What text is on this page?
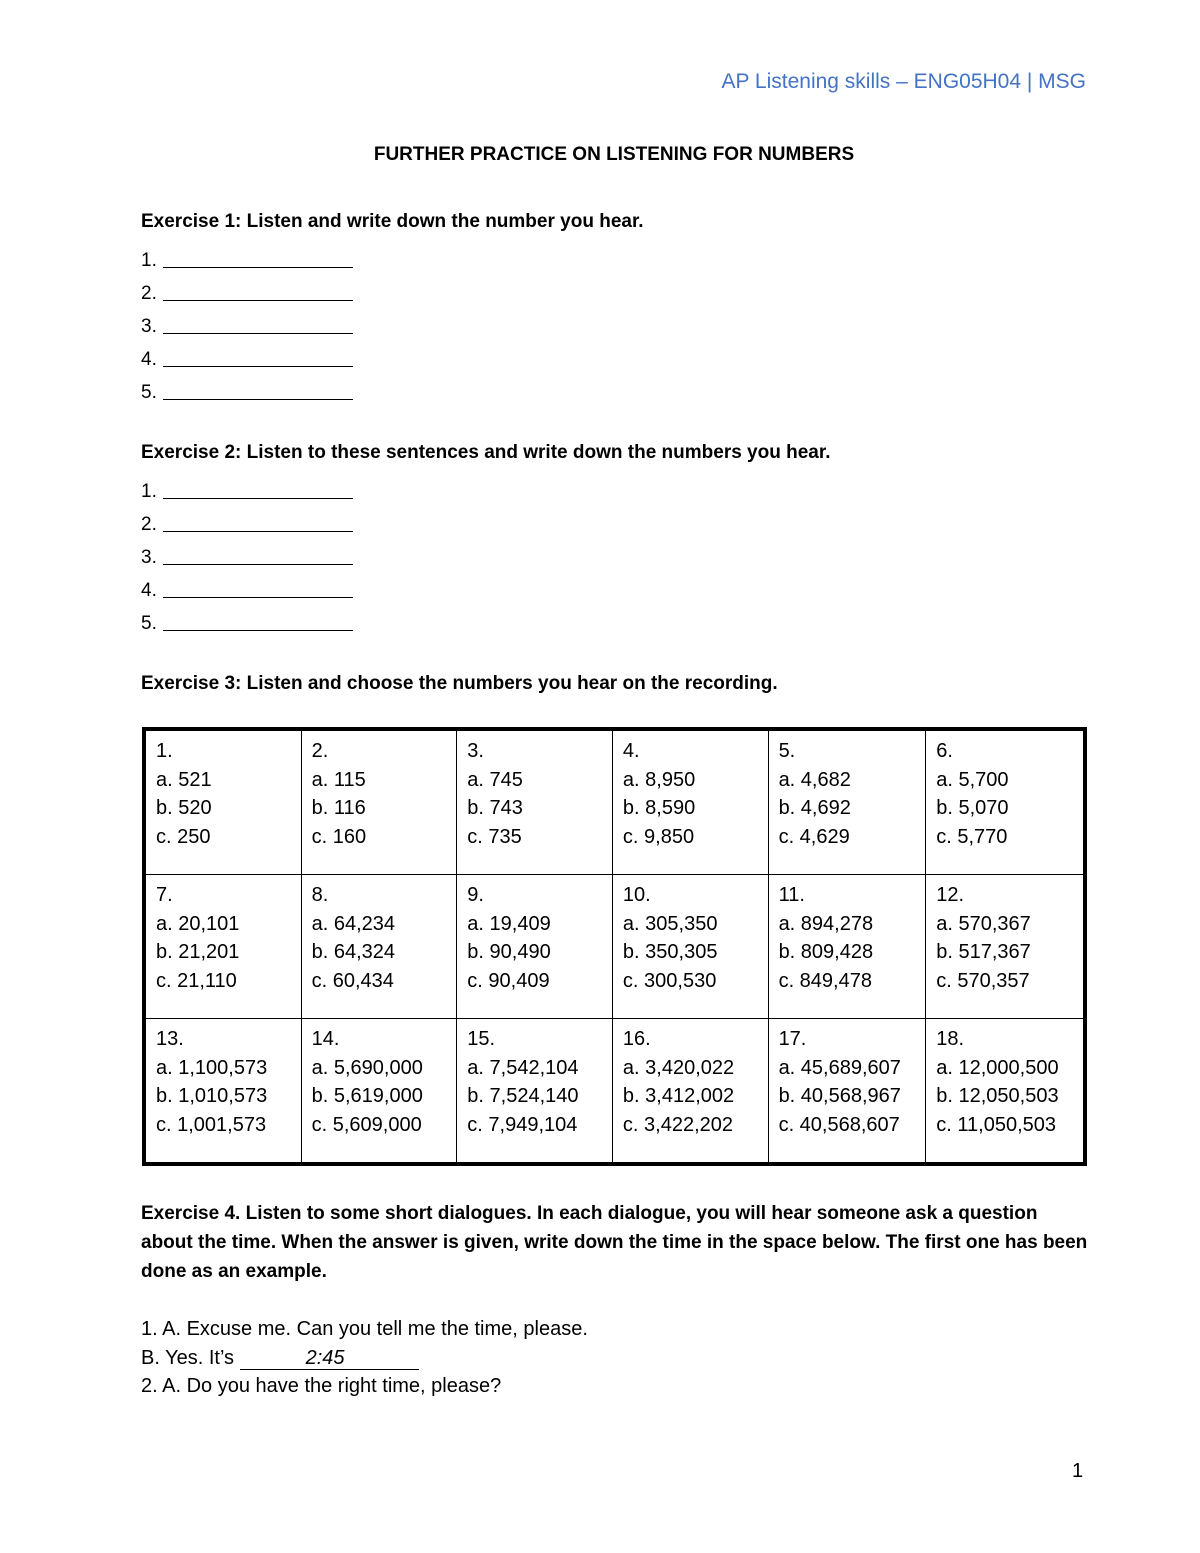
AP Listening skills – ENG05H04 | MSG
FURTHER PRACTICE ON LISTENING FOR NUMBERS
Exercise 1: Listen and write down the number you hear.
1.
2.
3.
4.
5.
Exercise 2: Listen to these sentences and write down the numbers you hear.
1.
2.
3.
4.
5.
Exercise 3: Listen and choose the numbers you hear on the recording.
1.
a. 521
b. 520
c. 250	2.
a. 115
b. 116
c. 160	3.
a. 745
b. 743
c. 735	4.
a. 8,950
b. 8,590
c. 9,850	5.
a. 4,682
b. 4,692
c. 4,629	6.
a. 5,700
b. 5,070
c. 5,770

7.
a. 20,101
b. 21,201
c. 21,110	8.
a. 64,234
b. 64,324
c. 60,434	9.
a. 19,409
b. 90,490
c. 90,409	10.
a. 305,350
b. 350,305
c. 300,530	11.
a. 894,278
b. 809,428
c. 849,478	12.
a. 570,367
b. 517,367
c. 570,357

13.
a. 1,100,573
b. 1,010,573
c. 1,001,573	14.
a. 5,690,000
b. 5,619,000
c. 5,609,000	15.
a. 7,542,104
b. 7,524,140
c. 7,949,104	16.
a. 3,420,022
b. 3,412,002
c. 3,422,202	17.
a. 45,689,607
b. 40,568,967
c. 40,568,607	18.
a. 12,000,500
b. 12,050,503
c. 11,050,503
Exercise 4. Listen to some short dialogues. In each dialogue, you will hear someone ask a question about the time. When the answer is given, write down the time in the space below. The first one has been done as an example.
1. A. Excuse me. Can you tell me the time, please.
B. Yes. It’s	2:45
2. A. Do you have the right time, please?
1
